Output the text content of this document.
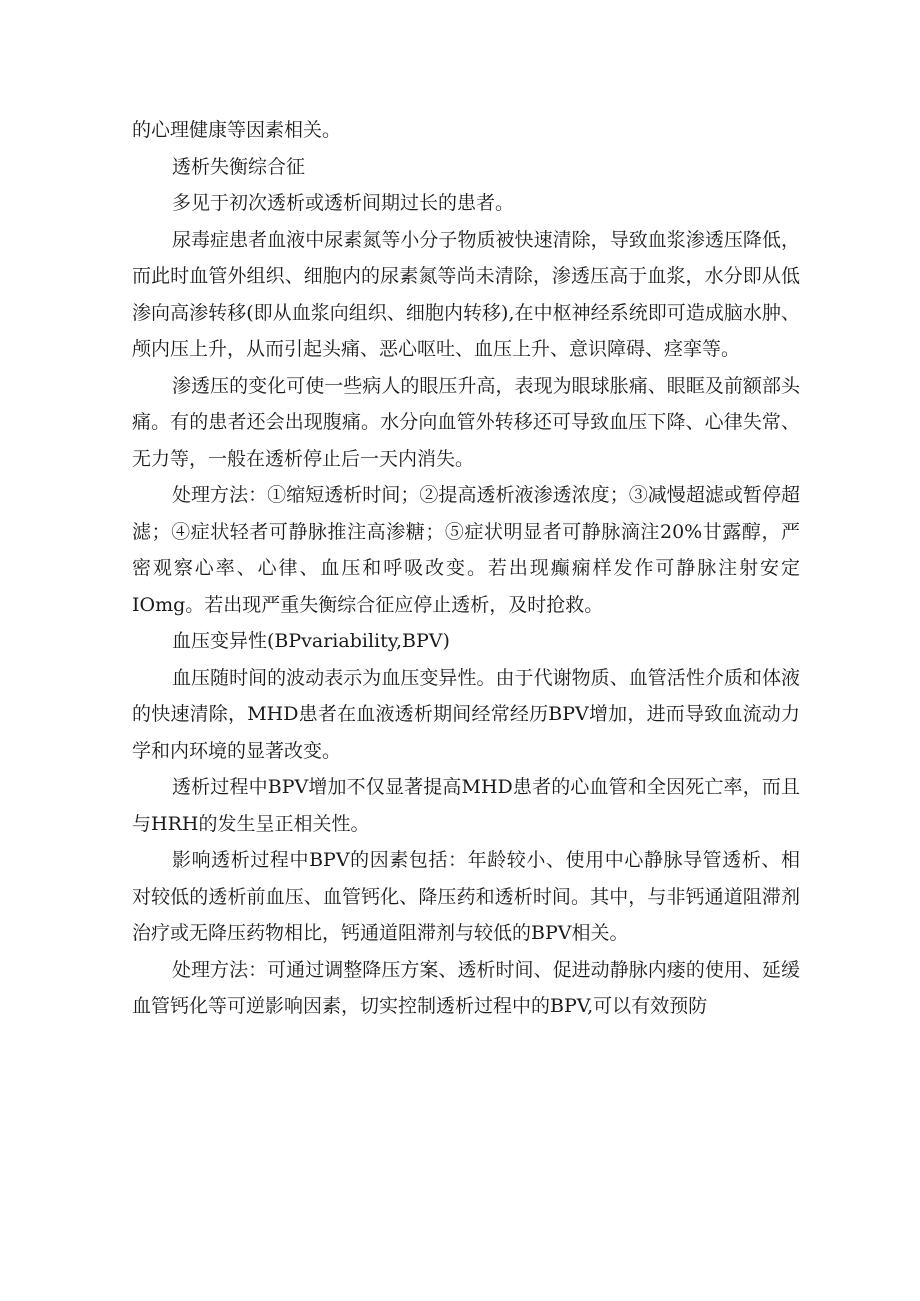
的心理健康等因素相关。

透析失衡综合征

多见于初次透析或透析间期过长的患者。

尿毒症患者血液中尿素氮等小分子物质被快速清除，导致血浆渗透压降低，而此时血管外组织、细胞内的尿素氮等尚未清除，渗透压高于血浆，水分即从低渗向高渗转移(即从血浆向组织、细胞内转移),在中枢神经系统即可造成脑水肿、颅内压上升，从而引起头痛、恶心呕吐、血压上升、意识障碍、痉挛等。

渗透压的变化可使一些病人的眼压升高，表现为眼球胀痛、眼眶及前额部头痛。有的患者还会出现腹痛。水分向血管外转移还可导致血压下降、心律失常、无力等，一般在透析停止后一天内消失。

处理方法：①缩短透析时间；②提高透析液渗透浓度；③减慢超滤或暂停超滤；④症状轻者可静脉推注高渗糖；⑤症状明显者可静脉滴注20%甘露醇，严密观察心率、心律、血压和呼吸改变。若出现癫痫样发作可静脉注射安定IOmg。若出现严重失衡综合征应停止透析，及时抢救。

血压变异性(BPvariability,BPV)

血压随时间的波动表示为血压变异性。由于代谢物质、血管活性介质和体液的快速清除，MHD患者在血液透析期间经常经历BPV增加，进而导致血流动力学和内环境的显著改变。

透析过程中BPV增加不仅显著提高MHD患者的心血管和全因死亡率，而且与HRH的发生呈正相关性。

影响透析过程中BPV的因素包括：年龄较小、使用中心静脉导管透析、相对较低的透析前血压、血管钙化、降压药和透析时间。其中，与非钙通道阻滞剂治疗或无降压药物相比，钙通道阻滞剂与较低的BPV相关。

处理方法：可通过调整降压方案、透析时间、促进动静脉内瘘的使用、延缓血管钙化等可逆影响因素，切实控制透析过程中的BPV,可以有效预防
